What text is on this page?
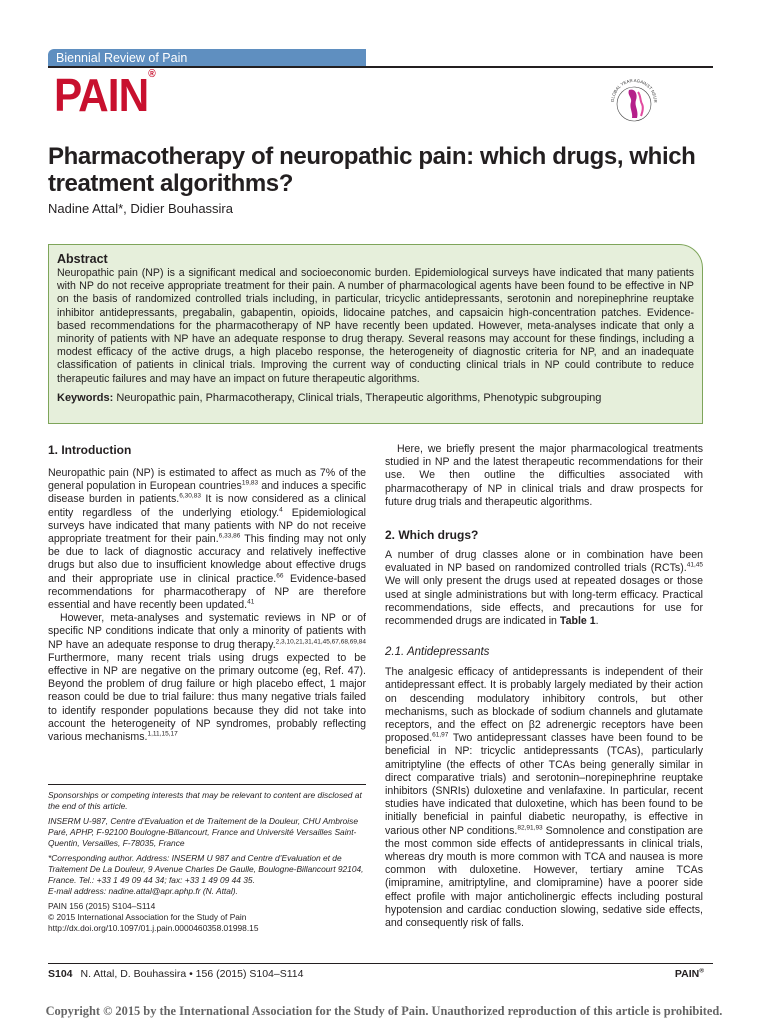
Biennial Review of Pain
PAIN®
GLOBAL YEAR AGAINST NEUR
Pharmacotherapy of neuropathic pain: which drugs, which treatment algorithms?
Nadine Attal*, Didier Bouhassira
Abstract

Neuropathic pain (NP) is a significant medical and socioeconomic burden. Epidemiological surveys have indicated that many patients with NP do not receive appropriate treatment for their pain. A number of pharmacological agents have been found to be effective in NP on the basis of randomized controlled trials including, in particular, tricyclic antidepressants, serotonin and norepinephrine reuptake inhibitor antidepressants, pregabalin, gabapentin, opioids, lidocaine patches, and capsaicin high-concentration patches. Evidence-based recommendations for the pharmacotherapy of NP have recently been updated. However, meta-analyses indicate that only a minority of patients with NP have an adequate response to drug therapy. Several reasons may account for these findings, including a modest efficacy of the active drugs, a high placebo response, the heterogeneity of diagnostic criteria for NP, and an inadequate classification of patients in clinical trials. Improving the current way of conducting clinical trials in NP could contribute to reduce therapeutic failures and may have an impact on future therapeutic algorithms.

Keywords: Neuropathic pain, Pharmacotherapy, Clinical trials, Therapeutic algorithms, Phenotypic subgrouping

1. Introduction

Neuropathic pain (NP) is estimated to affect as much as 7% of the general population in European countries$^{19,83}$ and induces a specific disease burden in patients.$^{6,30,83}$ It is now considered as a clinical entity regardless of the underlying etiology.$^4$ Epidemiological surveys have indicated that many patients with NP do not receive appropriate treatment for their pain.$^{6,33,86}$ This finding may not only be due to lack of diagnostic accuracy and relatively ineffective drugs but also due to insufficient knowledge about effective drugs and their appropriate use in clinical practice.$^{66}$ Evidence-based recommendations for pharmacotherapy of NP are therefore essential and have recently been updated.$^{41}$

However, meta-analyses and systematic reviews in NP or of specific NP conditions indicate that only a minority of patients with NP have an adequate response to drug therapy.$^{2,3,10,21,31,41,45,67,68,69,84}$ Furthermore, many recent trials using drugs expected to be effective in NP are negative on the primary outcome (eg, Ref. 47). Beyond the problem of drug failure or high placebo effect, 1 major reason could be due to trial failure: thus many negative trials failed to identify responder populations because they did not take into account the heterogeneity of NP syndromes, probably reflecting various mechanisms.$^{1,11,15,17}$

Sponsorships or competing interests that may be relevant to content are disclosed at the end of this article.

INSERM U-987, Centre d’Evaluation et de Traitement de la Douleur, CHU Ambroise Paré, APHP, F-92100 Boulogne-Billancourt, France and Université Versailles Saint-Quentin, Versailles, F-78035, France

*Corresponding author. Address: INSERM U 987 and Centre d’Evaluation et de Traitement De La Douleur, 9 Avenue Charles De Gaulle, Boulogne-Billancourt 92104, France. Tel.: +33 1 49 09 44 34; fax: +33 1 49 09 44 35.
E-mail address: nadine.attal@apr.aphp.fr (N. Attal).

PAIN 156 (2015) S104–S114
© 2015 International Association for the Study of Pain
http://dx.doi.org/10.1097/01.j.pain.0000460358.01998.15

Here, we briefly present the major pharmacological treatments studied in NP and the latest therapeutic recommendations for their use. We then outline the difficulties associated with pharmacotherapy of NP in clinical trials and draw prospects for future drug trials and therapeutic algorithms.

2. Which drugs?

A number of drug classes alone or in combination have been evaluated in NP based on randomized controlled trials (RCTs).$^{41,45}$ We will only present the drugs used at repeated dosages or those used at single administrations but with long-term efficacy. Practical recommendations, side effects, and precautions for use for recommended drugs are indicated in Table 1.

2.1. Antidepressants

The analgesic efficacy of antidepressants is independent of their antidepressant effect. It is probably largely mediated by their action on descending modulatory inhibitory controls, but other mechanisms, such as blockade of sodium channels and glutamate receptors, and the effect on β2 adrenergic receptors have been proposed.$^{61,97}$ Two antidepressant classes have been found to be beneficial in NP: tricyclic antidepressants (TCAs), particularly amitriptyline (the effects of other TCAs being generally similar in direct comparative trials) and serotonin–norepinephrine reuptake inhibitors (SNRIs) duloxetine and venlafaxine. In particular, recent studies have indicated that duloxetine, which has been found to be initially beneficial in painful diabetic neuropathy, is effective in various other NP conditions.$^{82,91,93}$ Somnolence and constipation are the most common side effects of antidepressants in clinical trials, whereas dry mouth is more common with TCA and nausea is more common with duloxetine. However, tertiary amine TCAs (imipramine, amitriptyline, and clomipramine) have a poorer side effect profile with major anticholinergic effects including postural hypotension and cardiac conduction slowing, sedative side effects, and consequently risk of falls.

S104 N. Attal, D. Bouhassira • 156 (2015) S104–S114	PAIN®
Copyright © 2015 by the International Association for the Study of Pain. Unauthorized reproduction of this article is prohibited.
